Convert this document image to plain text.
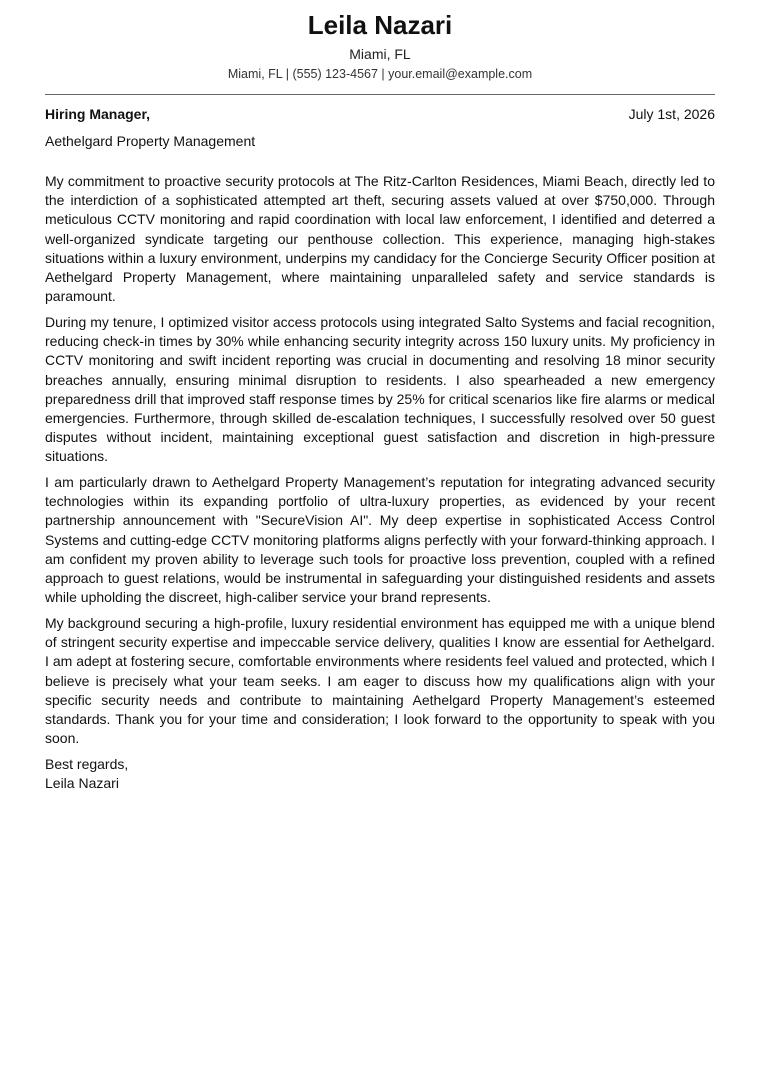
Leila Nazari
Miami, FL
Miami, FL | (555) 123-4567 | your.email@example.com
Hiring Manager,	July 1st, 2026
Aethelgard Property Management

My commitment to proactive security protocols at The Ritz-Carlton Residences, Miami Beach, directly led to the interdiction of a sophisticated attempted art theft, securing assets valued at over $750,000. Through meticulous CCTV monitoring and rapid coordination with local law enforcement, I identified and deterred a well-organized syndicate targeting our penthouse collection. This experience, managing high-stakes situations within a luxury environment, underpins my candidacy for the Concierge Security Officer position at Aethelgard Property Management, where maintaining unparalleled safety and service standards is paramount.

During my tenure, I optimized visitor access protocols using integrated Salto Systems and facial recognition, reducing check-in times by 30% while enhancing security integrity across 150 luxury units. My proficiency in CCTV monitoring and swift incident reporting was crucial in documenting and resolving 18 minor security breaches annually, ensuring minimal disruption to residents. I also spearheaded a new emergency preparedness drill that improved staff response times by 25% for critical scenarios like fire alarms or medical emergencies. Furthermore, through skilled de-escalation techniques, I successfully resolved over 50 guest disputes without incident, maintaining exceptional guest satisfaction and discretion in high-pressure situations.

I am particularly drawn to Aethelgard Property Management’s reputation for integrating advanced security technologies within its expanding portfolio of ultra-luxury properties, as evidenced by your recent partnership announcement with "SecureVision AI". My deep expertise in sophisticated Access Control Systems and cutting-edge CCTV monitoring platforms aligns perfectly with your forward-thinking approach. I am confident my proven ability to leverage such tools for proactive loss prevention, coupled with a refined approach to guest relations, would be instrumental in safeguarding your distinguished residents and assets while upholding the discreet, high-caliber service your brand represents.

My background securing a high-profile, luxury residential environment has equipped me with a unique blend of stringent security expertise and impeccable service delivery, qualities I know are essential for Aethelgard. I am adept at fostering secure, comfortable environments where residents feel valued and protected, which I believe is precisely what your team seeks. I am eager to discuss how my qualifications align with your specific security needs and contribute to maintaining Aethelgard Property Management’s esteemed standards. Thank you for your time and consideration; I look forward to the opportunity to speak with you soon.

Best regards,
Leila Nazari
